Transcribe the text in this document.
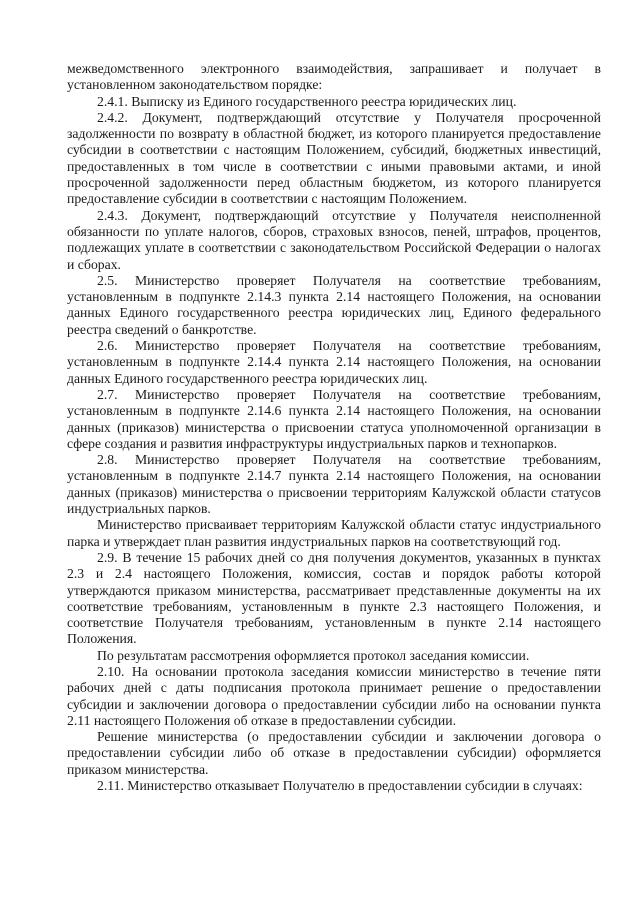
межведомственного электронного взаимодействия, запрашивает и получает в установленном законодательством порядке:

2.4.1. Выписку из Единого государственного реестра юридических лиц.

2.4.2. Документ, подтверждающий отсутствие у Получателя просроченной задолженности по возврату в областной бюджет, из которого планируется предоставление субсидии в соответствии с настоящим Положением, субсидий, бюджетных инвестиций, предоставленных в том числе в соответствии с иными правовыми актами, и иной просроченной задолженности перед областным бюджетом, из которого планируется предоставление субсидии в соответствии с настоящим Положением.

2.4.3. Документ, подтверждающий отсутствие у Получателя неисполненной обязанности по уплате налогов, сборов, страховых взносов, пеней, штрафов, процентов, подлежащих уплате в соответствии с законодательством Российской Федерации о налогах и сборах.

2.5. Министерство проверяет Получателя на соответствие требованиям, установленным в подпункте 2.14.3 пункта 2.14 настоящего Положения, на основании данных Единого государственного реестра юридических лиц, Единого федерального реестра сведений о банкротстве.

2.6. Министерство проверяет Получателя на соответствие требованиям, установленным в подпункте 2.14.4 пункта 2.14 настоящего Положения, на основании данных Единого государственного реестра юридических лиц.

2.7. Министерство проверяет Получателя на соответствие требованиям, установленным в подпункте 2.14.6 пункта 2.14 настоящего Положения, на основании данных (приказов) министерства о присвоении статуса уполномоченной организации в сфере создания и развития инфраструктуры индустриальных парков и технопарков.

2.8. Министерство проверяет Получателя на соответствие требованиям, установленным в подпункте 2.14.7 пункта 2.14 настоящего Положения, на основании данных (приказов) министерства о присвоении территориям Калужской области статусов индустриальных парков.

Министерство присваивает территориям Калужской области статус индустриального парка и утверждает план развития индустриальных парков на соответствующий год.

2.9. В течение 15 рабочих дней со дня получения документов, указанных в пунктах 2.3 и 2.4 настоящего Положения, комиссия, состав и порядок работы которой утверждаются приказом министерства, рассматривает представленные документы на их соответствие требованиям, установленным в пункте 2.3 настоящего Положения, и соответствие Получателя требованиям, установленным в пункте 2.14 настоящего Положения.

По результатам рассмотрения оформляется протокол заседания комиссии.

2.10. На основании протокола заседания комиссии министерство в течение пяти рабочих дней с даты подписания протокола принимает решение о предоставлении субсидии и заключении договора о предоставлении субсидии либо на основании пункта 2.11 настоящего Положения об отказе в предоставлении субсидии.

Решение министерства (о предоставлении субсидии и заключении договора о предоставлении субсидии либо об отказе в предоставлении субсидии) оформляется приказом министерства.

2.11. Министерство отказывает Получателю в предоставлении субсидии в случаях:
